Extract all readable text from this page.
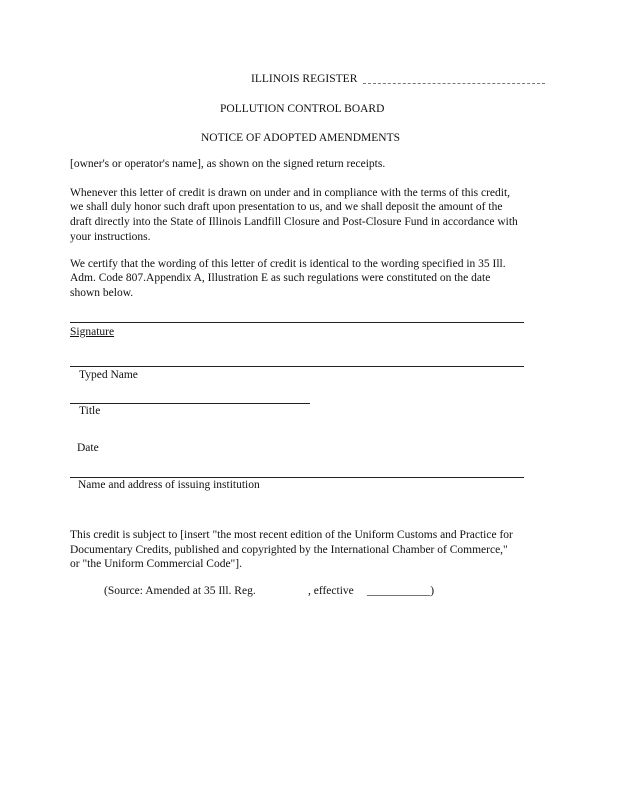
ILLINOIS REGISTER
POLLUTION CONTROL BOARD
NOTICE OF ADOPTED AMENDMENTS
[owner's or operator's name], as shown on the signed return receipts.
Whenever this letter of credit is drawn on under and in compliance with the terms of this credit,
we shall duly honor such draft upon presentation to us, and we shall deposit the amount of the
draft directly into the State of Illinois Landfill Closure and Post-Closure Fund in accordance with
your instructions.
We certify that the wording of this letter of credit is identical to the wording specified in 35 Ill.
Adm. Code 807.Appendix A, Illustration E as such regulations were constituted on the date
shown below.
Signature
Typed Name
Title
Date
Name and address of issuing institution
This credit is subject to [insert "the most recent edition of the Uniform Customs and Practice for
Documentary Credits, published and copyrighted by the International Chamber of Commerce,"
or "the Uniform Commercial Code"].
(Source: Amended at 35 Ill. Reg.	, effective ___________)
